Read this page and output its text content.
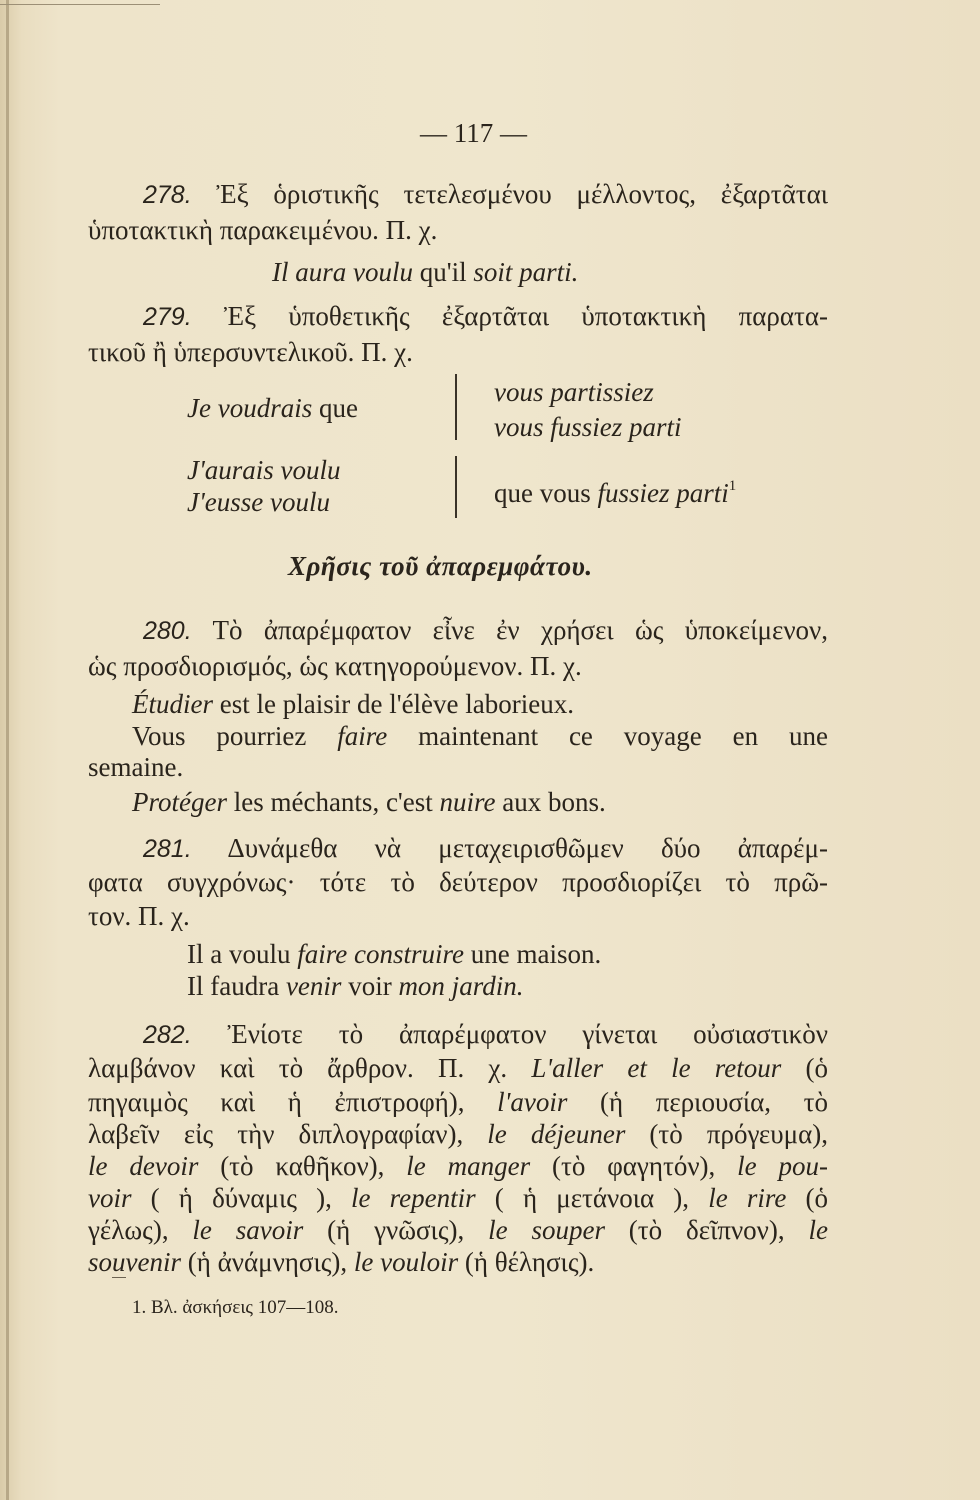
— 117 —
278. Ἐξ ὁριστικῆς τετελεσμένου μέλλοντος, ἐξαρτᾶται
ὑποτακτικὴ παρακειμένου. Π. χ.
Il aura voulu qu'il soit parti.
279. Ἐξ ὑποθετικῆς ἐξαρτᾶται ὑποτακτικὴ παρατα-
τικοῦ ἢ ὑπερσυντελικοῦ. Π. χ.
Je voudrais que
vous partissiez
vous fussiez parti
J'aurais voulu
J'eusse voulu	que vous fussiez parti$^1$
Χρῆσις τοῦ ἀπαρεμφάτου.
280. Τὸ ἀπαρέμφατον εἶνε ἐν χρήσει ὡς ὑποκείμενον,
ὡς προσδιορισμός, ὡς κατηγορούμενον. Π. χ.
Étudier est le plaisir de l'élève laborieux.
Vous pourriez faire maintenant ce voyage en une
semaine.
Protéger les méchants, c'est nuire aux bons.
281. Δυνάμεθα νὰ μεταχειρισθῶμεν δύο ἀπαρέμ-
φατα συγχρόνως· τότε τὸ δεύτερον προσδιορίζει τὸ πρῶ-
τον. Π. χ.
Il a voulu faire construire une maison.
Il faudra venir voir mon jardin.
282. Ἐνίοτε τὸ ἀπαρέμφατον γίνεται οὐσιαστικὸν
λαμβάνον καὶ τὸ ἄρθρον. Π. χ. L'aller et le retour (ὁ
πηγαιμὸς καὶ ἡ ἐπιστροφή), l'avoir (ἡ περιουσία, τὸ
λαβεῖν εἰς τὴν διπλογραφίαν), le déjeuner (τὸ πρόγευμα),
le devoir (τὸ καθῆκον), le manger (τὸ φαγητόν), le pou-
voir ( ἡ δύναμις ), le repentir ( ἡ μετάνοια ), le rire (ὁ
γέλως), le savoir (ἡ γνῶσις), le souper (τὸ δεῖπνον), le
souvenir (ἡ ἀνάμνησις), le vouloir (ἡ θέλησις).
1. Βλ. ἀσκήσεις 107—108.
